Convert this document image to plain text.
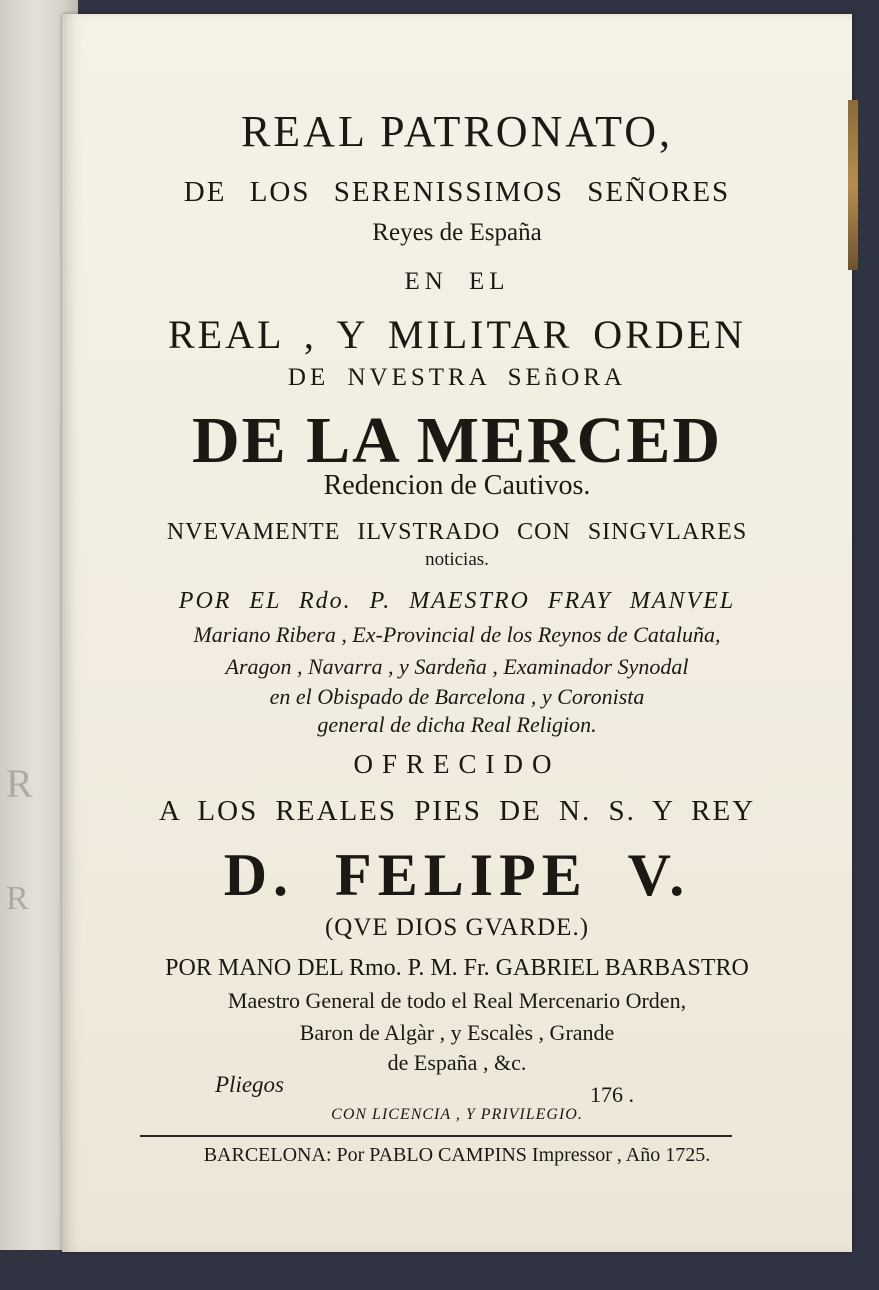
R
R
REAL PATRONATO,
DE LOS SERENISSIMOS SEÑORES
Reyes de España
EN EL
REAL , Y MILITAR ORDEN
DE NVESTRA SEñORA
DE LA MERCED
Redencion de Cautivos.
NVEVAMENTE ILVSTRADO CON SINGVLARES
noticias.
POR EL Rdo. P. MAESTRO FRAY MANVEL
Mariano Ribera , Ex-Provincial de los Reynos de Cataluña,
Aragon , Navarra , y Sardeña , Examinador Synodal
en el Obispado de Barcelona , y Coronista
general de dicha Real Religion.
OFRECIDO
A LOS REALES PIES DE N. S. Y REY
D. FELIPE V.
(QVE DIOS GVARDE.)
POR MANO DEL Rmo. P. M. Fr. GABRIEL BARBASTRO
Maestro General de todo el Real Mercenario Orden,
Baron de Algàr , y Escalès , Grande
de España , &c.
Pliegos	176 .
CON LICENCIA , Y PRIVILEGIO.
BARCELONA: Por PABLO CAMPINS Impressor , Año 1725.
